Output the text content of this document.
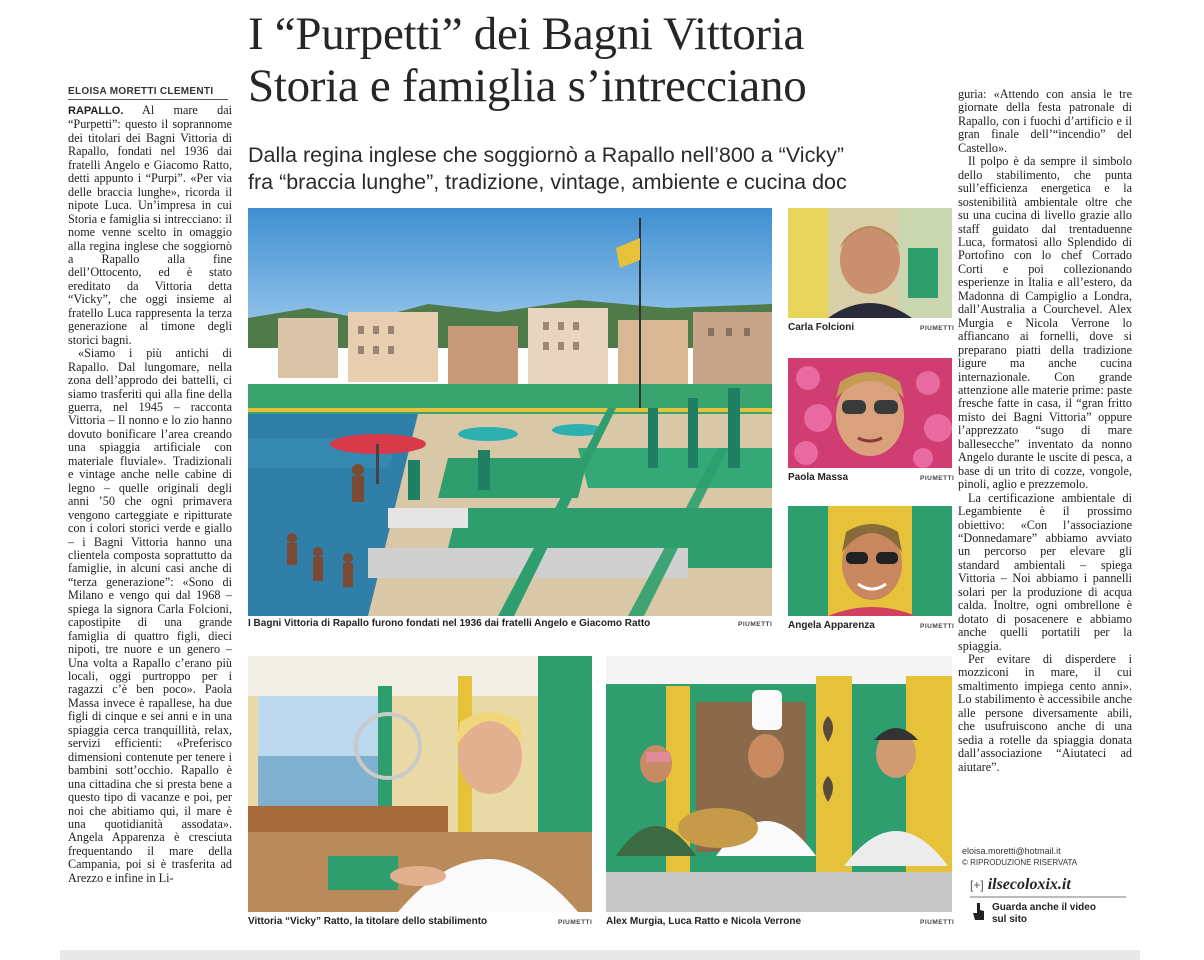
I “Purpetti” dei Bagni Vittoria
Storia e famiglia s’intrecciano
Dalla regina inglese che soggiornò a Rapallo nell’800 a “Vicky”
fra “braccia lunghe”, tradizione, vintage, ambiente e cucina doc
ELOISA MORETTI CLEMENTI

RAPALLO. Al mare dai “Purpetti”: questo il soprannome dei titolari dei Bagni Vittoria di Rapallo, fondati nel 1936 dai fratelli Angelo e Giacomo Ratto, detti appunto i “Purpi”. «Per via delle braccia lunghe», ricorda il nipote Luca. Un’impresa in cui Storia e famiglia si intrecciano: il nome venne scelto in omaggio alla regina inglese che soggiornò a Rapallo alla fine dell’Ottocento, ed è stato ereditato da Vittoria detta “Vicky”, che oggi insieme al fratello Luca rappresenta la terza generazione al timone degli storici bagni.

«Siamo i più antichi di Rapallo. Dal lungomare, nella zona dell’approdo dei battelli, ci siamo trasferiti qui alla fine della guerra, nel 1945 – racconta Vittoria – Il nonno e lo zio hanno dovuto bonificare l’area creando una spiaggia artificiale con materiale fluviale». Tradizionali e vintage anche nelle cabine di legno – quelle originali degli anni ’50 che ogni primavera vengono carteggiate e ripitturate con i colori storici verde e giallo – i Bagni Vittoria hanno una clientela composta soprattutto da famiglie, in alcuni casi anche di “terza generazione”: «Sono di Milano e vengo qui dal 1968 – spiega la signora Carla Folcioni, capostipite di una grande famiglia di quattro figli, dieci nipoti, tre nuore e un genero – Una volta a Rapallo c’erano più locali, oggi purtroppo per i ragazzi c’è ben poco». Paola Massa invece è rapallese, ha due figli di cinque e sei anni e in una spiaggia cerca tranquillità, relax, servizi efficienti: «Preferisco dimensioni contenute per tenere i bambini sott’occhio. Rapallo è una cittadina che si presta bene a questo tipo di vacanze e poi, per noi che abitiamo qui, il mare è una quotidianità assodata». Angela Apparenza è cresciuta frequentando il mare della Campania, poi si è trasferita ad Arezzo e infine in Li-

guria: «Attendo con ansia le tre giornate della festa patronale di Rapallo, con i fuochi d’artificio e il gran finale dell’“incendio” del Castello».

Il polpo è da sempre il simbolo dello stabilimento, che punta sull’efficienza energetica e la sostenibilità ambientale oltre che su una cucina di livello grazie allo staff guidato dal trentaduenne Luca, formatosi allo Splendido di Portofino con lo chef Corrado Corti e poi collezionando esperienze in Italia e all’estero, da Madonna di Campiglio a Londra, dall’Australia a Courchevel. Alex Murgia e Nicola Verrone lo affiancano ai fornelli, dove si preparano piatti della tradizione ligure ma anche cucina internazionale. Con grande attenzione alle materie prime: paste fresche fatte in casa, il “gran fritto misto dei Bagni Vittoria” oppure l’apprezzato “sugo di mare ballesecche” inventato da nonno Angelo durante le uscite di pesca, a base di un trito di cozze, vongole, pinoli, aglio e prezzemolo.

La certificazione ambientale di Legambiente è il prossimo obiettivo: «Con l’associazione “Donnedamare” abbiamo avviato un percorso per elevare gli standard ambientali – spiega Vittoria – Noi abbiamo i pannelli solari per la produzione di acqua calda. Inoltre, ogni ombrellone è dotato di posacenere e abbiamo anche quelli portatili per la spiaggia.

Per evitare di disperdere i mozziconi in mare, il cui smaltimento impiega cento anni». Lo stabilimento è accessibile anche alle persone diversamente abili, che usufruiscono anche di una sedia a rotelle da spiaggia donata dall’associazione “Aiutateci ad aiutare”.

eloisa.moretti@hotmail.it
© RIPRODUZIONE RISERVATA
I Bagni Vittoria di Rapallo furono fondati nel 1936 dai fratelli Angelo e Giacomo Ratto	PIUMETTI
Carla Folcioni	PIUMETTI
Paola Massa	PIUMETTI
Angela Apparenza	PIUMETTI
Vittoria “Vicky” Ratto, la titolare dello stabilimento	PIUMETTI Alex Murgia, Luca Ratto e Nicola Verrone	PIUMETTI
[+] ilsecoloxix.it
Guarda anche il video sul sito
